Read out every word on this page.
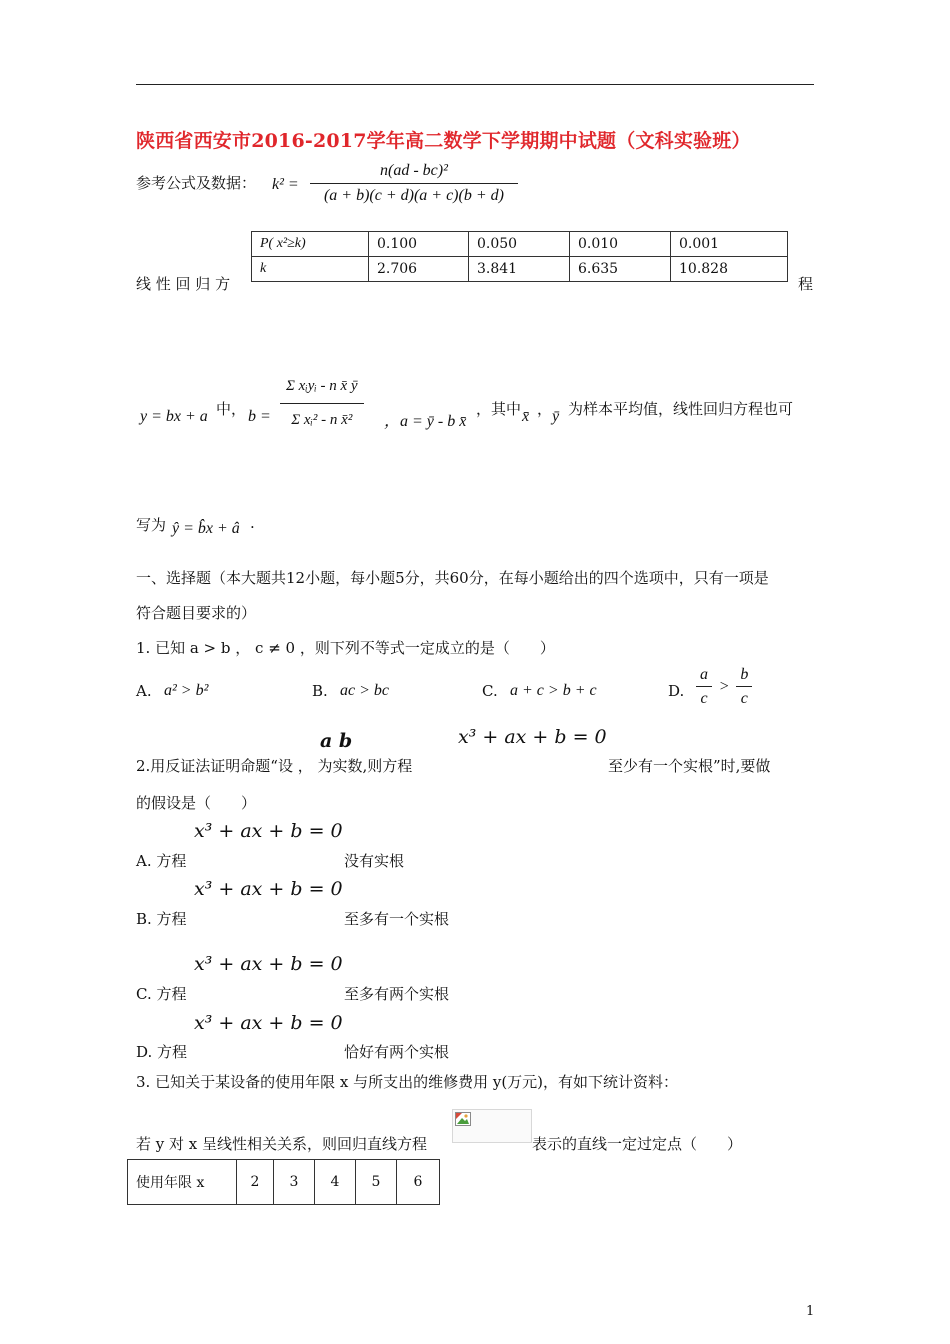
陕西省西安市2016-2017学年高二数学下学期期中试题（文科实验班）
参考公式及数据： $k^2 = \frac{\text{n(ad - bc)²}}{(a + b)(c + d)(a + c)(b + d)}$
P( x²≥k)	0.100	0.050	0.010	0.001
k	2.706	3.841	6.635	10.828
线 性 回 归 方	程
y = bx + a 中， $b = \frac{\text{Σ xᵢyᵢ - n x̄ ȳ}}{\text{Σ xᵢ² - n x̄²}}$ ，a = ȳ - b x̄
，其中 x̄ ， ȳ 为样本平均值，线性回归方程也可
写为 ŷ = b̂x + â .
一、选择题（本大题共12小题，每小题5分，共60分，在每小题给出的四个选项中，只有一项是
符合题目要求的）
1. 已知 a > b ， c ≠ 0 ，则下列不等式一定成立的是（　　）
A. a² > b²	B. ac > bc	C. a + c > b + c	D. $\frac{a}{c} > \frac{b}{c}$
a b	x³ + ax + b = 0
2.用反证法证明命题“设 ， 为实数,则方程	至少有一个实根”时,要做
的假设是（　　）
x³ + ax + b = 0
A. 方程	没有实根
x³ + ax + b = 0
B. 方程	至多有一个实根
x³ + ax + b = 0
C. 方程	至多有两个实根
x³ + ax + b = 0
D. 方程	恰好有两个实根
3. 已知关于某设备的使用年限 x 与所支出的维修费用 y(万元)，有如下统计资料：
若 y 对 x 呈线性相关关系，则回归直线方程	表示的直线一定过定点（　　）
使用年限 x	2	3	4	5	6
1
